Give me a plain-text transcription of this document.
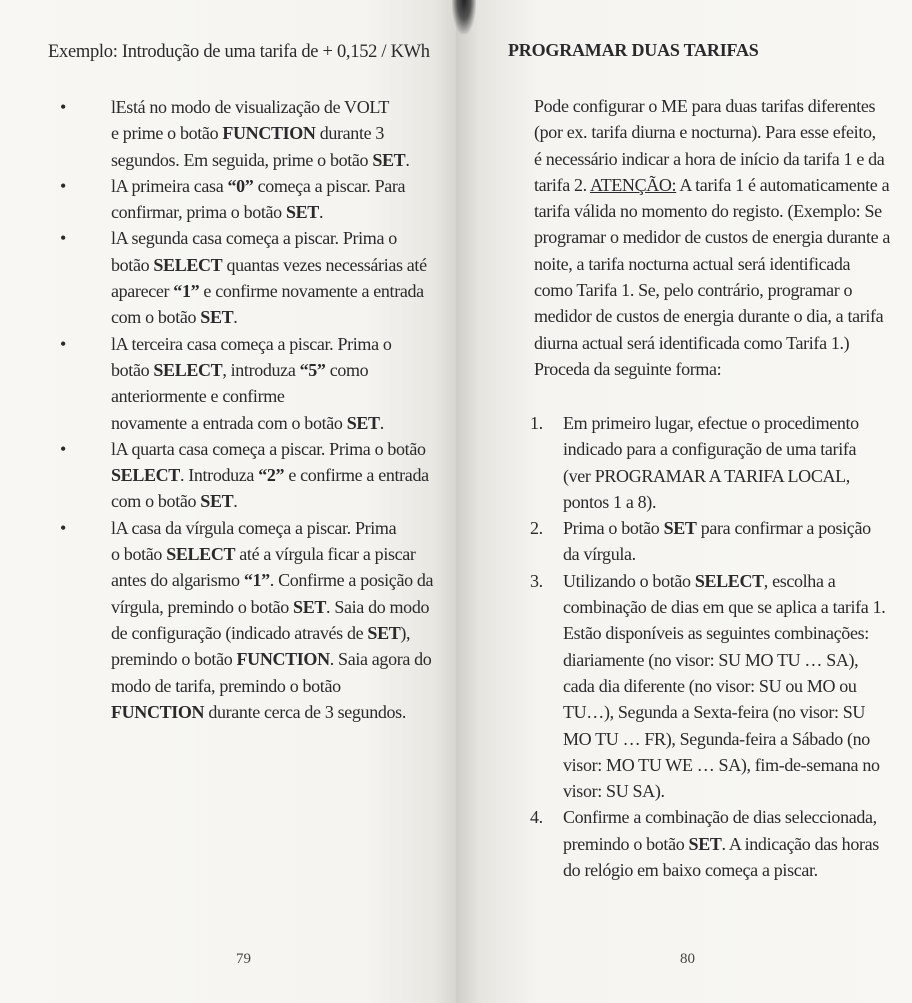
Exemplo: Introdução de uma tarifa de + 0,152 / KWh
•	lEstá no modo de visualização de VOLT
e prime o botão FUNCTION durante 3
segundos. Em seguida, prime o botão SET.
•	lA primeira casa “0” começa a piscar. Para
confirmar, prima o botão SET.
•	lA segunda casa começa a piscar. Prima o
botão SELECT quantas vezes necessárias até
aparecer “1” e confirme novamente a entrada
com o botão SET.
•	lA terceira casa começa a piscar. Prima o
botão SELECT, introduza “5” como
anteriormente e confirme
novamente a entrada com o botão SET.
•	lA quarta casa começa a piscar. Prima o botão
SELECT. Introduza “2” e confirme a entrada
com o botão SET.
•	lA casa da vírgula começa a piscar. Prima
o botão SELECT até a vírgula ficar a piscar
antes do algarismo “1”. Confirme a posição da
vírgula, premindo o botão SET. Saia do modo
de configuração (indicado através de SET),
premindo o botão FUNCTION. Saia agora do
modo de tarifa, premindo o botão
FUNCTION durante cerca de 3 segundos.
79
PROGRAMAR DUAS TARIFAS
Pode configurar o ME para duas tarifas diferentes
(por ex. tarifa diurna e nocturna). Para esse efeito,
é necessário indicar a hora de início da tarifa 1 e da
tarifa 2. ATENÇÃO: A tarifa 1 é automaticamente a
tarifa válida no momento do registo. (Exemplo: Se
programar o medidor de custos de energia durante a
noite, a tarifa nocturna actual será identificada
como Tarifa 1. Se, pelo contrário, programar o
medidor de custos de energia durante o dia, a tarifa
diurna actual será identificada como Tarifa 1.)
Proceda da seguinte forma:
1. Em primeiro lugar, efectue o procedimento
indicado para a configuração de uma tarifa
(ver PROGRAMAR A TARIFA LOCAL,
pontos 1 a 8).
2. Prima o botão SET para confirmar a posição
da vírgula.
3. Utilizando o botão SELECT, escolha a
combinação de dias em que se aplica a tarifa 1.
Estão disponíveis as seguintes combinações:
diariamente (no visor: SU MO TU … SA),
cada dia diferente (no visor: SU ou MO ou
TU…), Segunda a Sexta-feira (no visor: SU
MO TU … FR), Segunda-feira a Sábado (no
visor: MO TU WE … SA), fim-de-semana no
visor: SU SA).
4. Confirme a combinação de dias seleccionada,
premindo o botão SET. A indicação das horas
do relógio em baixo começa a piscar.
80
